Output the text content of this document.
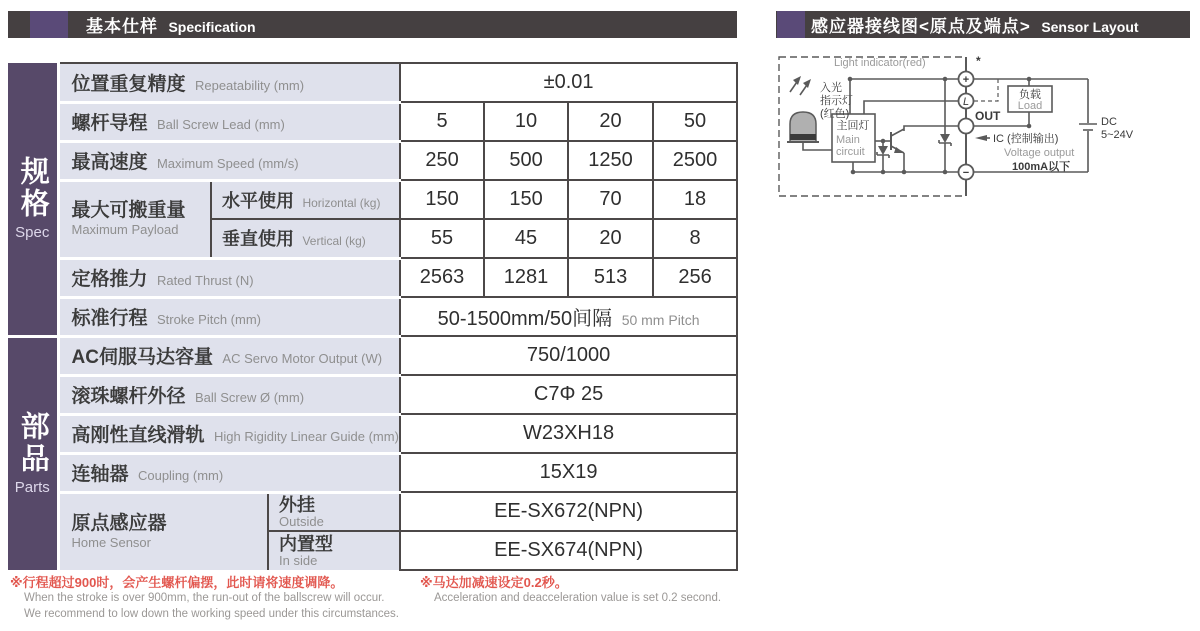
基本仕样 Specification	感应器接线图<原点及端点> Sensor Layout
规格
Spec	位置重复精度 Repeatability (mm)			±0.01			
	螺杆导程 Ball Screw Lead (mm)			5	10	20	50
	最高速度 Maximum Speed (mm/s)			250	500	1250	2500

	最大可搬重量
Maximum Payload	水平使用 Horizontal (kg)		150	150	70	18
		垂直使用 Vertical (kg)		55	45	20	8
	定格推力 Rated Thrust (N)			2563	1281	513	256
	标准行程 Stroke Pitch (mm)			50-1500mm/50间隔 50 mm Pitch			

部品
Parts	AC伺服马达容量 AC Servo Motor Output (W)			750/1000			
	滚珠螺杆外径 Ball Screw Ø (mm)			C7Φ 25			
	高刚性直线滑轨 High Rigidity Linear Guide (mm)			W23XH18			
	连轴器 Coupling (mm)			15X19			

	原点感应器
Home Sensor		外挂
Outside	EE-SX672(NPN)			

			内置型
In side	EE-SX674(NPN)			
※行程超过900时，会产生螺杆偏摆，此时请将速度调降。
When the stroke is over 900mm, the run-out of the ballscrew will occur.
We recommend to low down the working speed under this circumstances.
※马达加减速设定0.2秒。
Acceleration and deacceleration value is set 0.2 second.
主回灯
Main
circuit
+
L
−
*
负载
Load
DC
5~24V
Light indicator(red)
入光
指示灯
(红色)	OUT
IC (控制输出)
Voltage output
100mA以下
